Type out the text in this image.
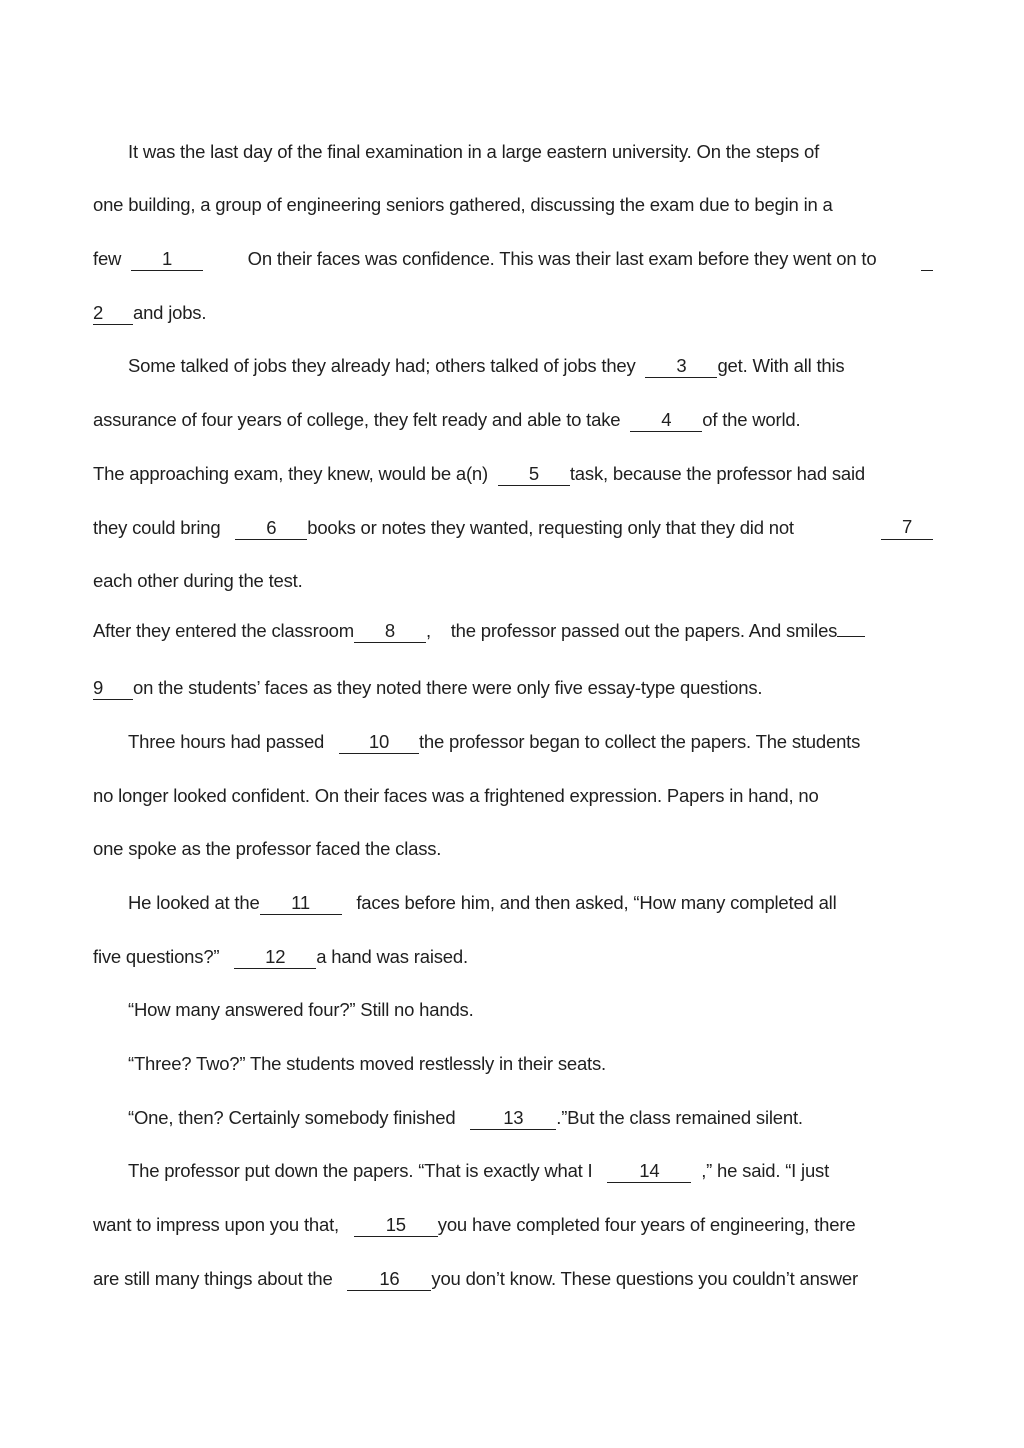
It was the last day of the final examination in a large eastern university. On the steps of
one building, a group of engineering seniors gathered, discussing the exam due to begin in a
few 1	On their faces was confidence. This was their last exam before they went on to
2 and jobs.
Some talked of jobs they already had; others talked of jobs they 3 get. With all this
assurance of four years of college, they felt ready and able to take 4 of the world.
The approaching exam, they knew, would be a(n) 5 task, because the professor had said
they could bring 6 books or notes they wanted, requesting only that they did not	7
each other during the test.
After they entered the classroom 8 , the professor passed out the papers. And smiles
9 on the students’ faces as they noted there were only five essay-type questions.
Three hours had passed 10 the professor began to collect the papers. The students
no longer looked confident. On their faces was a frightened expression. Papers in hand, no
one spoke as the professor faced the class.
He looked at the 11	faces before him, and then asked, “How many completed all
five questions?” 12 a hand was raised.
“How many answered four?” Still no hands.
“Three? Two?” The students moved restlessly in their seats.
“One, then? Certainly somebody finished	13 .”But the class remained silent.
The professor put down the papers. “That is exactly what I	14 ,” he said. “I just
want to impress upon you that,	15 you have completed four years of engineering, there
are still many things about the	16 you don’t know. These questions you couldn’t answer
